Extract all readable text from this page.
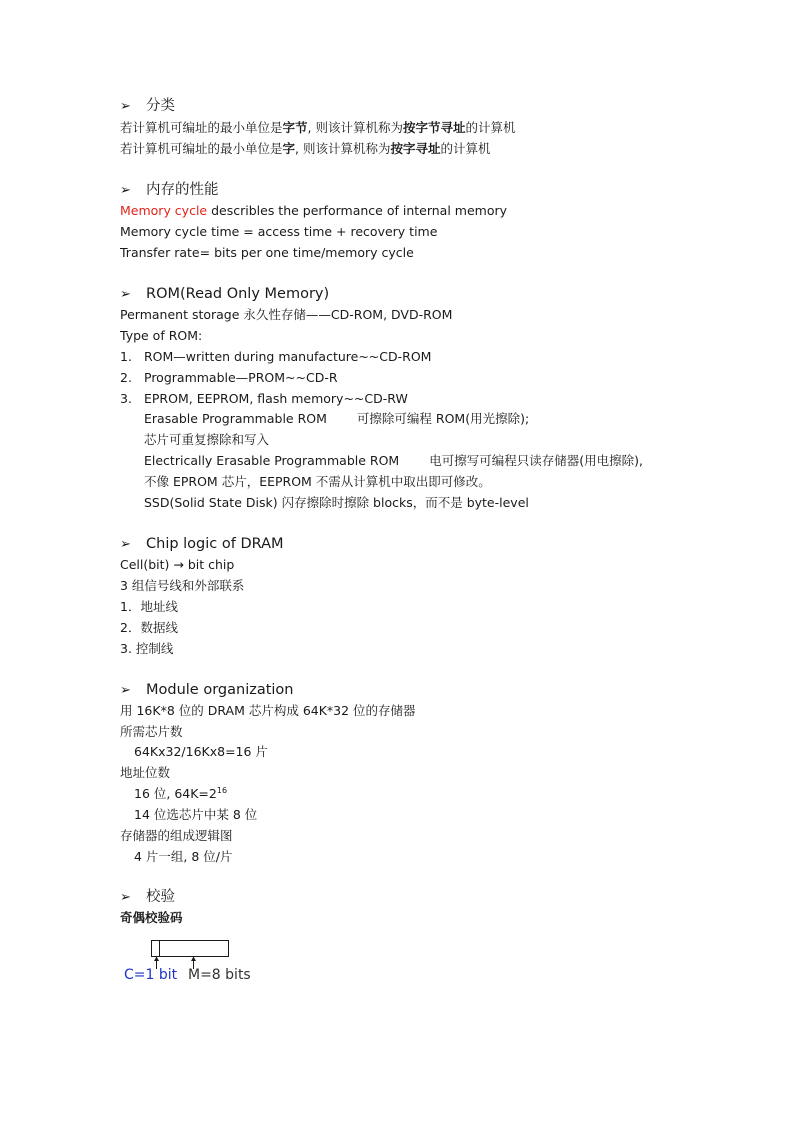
➢ 分类
若计算机可编址的最小单位是字节, 则该计算机称为按字节寻址的计算机
若计算机可编址的最小单位是字, 则该计算机称为按字寻址的计算机
➢ 内存的性能
Memory cycle describles the performance of internal memory
Memory cycle time = access time + recovery time
Transfer rate= bits per one time/memory cycle
➢ ROM(Read Only Memory)
Permanent storage 永久性存储——CD-ROM, DVD-ROM
Type of ROM:
1. ROM—written during manufacture~~CD-ROM
2. Programmable—PROM~~CD-R
3. EPROM, EEPROM, flash memory~~CD-RW
Erasable Programmable ROM 可擦除可编程 ROM(用光擦除);
芯片可重复擦除和写入
Electrically Erasable Programmable ROM 电可擦写可编程只读存储器(用电擦除),
不像 EPROM 芯片，EEPROM 不需从计算机中取出即可修改。
SSD(Solid State Disk) 闪存擦除时擦除 blocks，而不是 byte-level
➢ Chip logic of DRAM
Cell(bit) → bit chip
3 组信号线和外部联系
1．地址线
2．数据线
3. 控制线
➢ Module organization
用 16K*8 位的 DRAM 芯片构成 64K*32 位的存储器
所需芯片数
64Kx32/16Kx8=16 片
地址位数
16 位, $64K=2^{16}$
14 位选芯片中某 8 位
存储器的组成逻辑图
4 片一组, 8 位/片
➢ 校验
奇偶校验码
C=1 bit M=8 bits
